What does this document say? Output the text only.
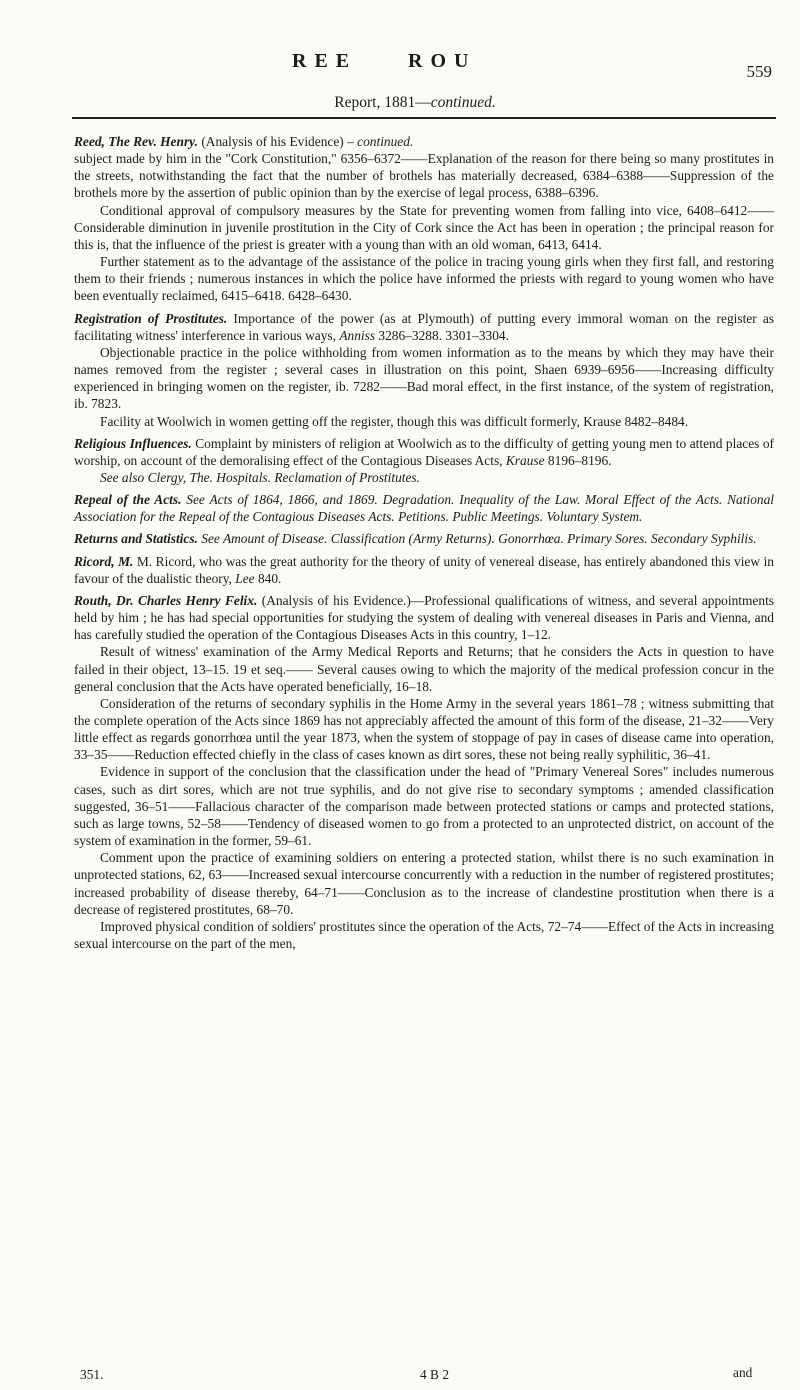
REE	ROU	559
Report, 1881—continued.

Reed, The Rev. Henry. (Analysis of his Evidence) – continued.

subject made by him in the "Cork Constitution," 6356–6372——Explanation of the reason for there being so many prostitutes in the streets, notwithstanding the fact that the number of brothels has materially decreased, 6384–6388——Suppression of the brothels more by the assertion of public opinion than by the exercise of legal process, 6388–6396.

Conditional approval of compulsory measures by the State for preventing women from falling into vice, 6408–6412——Considerable diminution in juvenile prostitution in the City of Cork since the Act has been in operation ; the principal reason for this is, that the influence of the priest is greater with a young than with an old woman, 6413, 6414.

Further statement as to the advantage of the assistance of the police in tracing young girls when they first fall, and restoring them to their friends ; numerous instances in which the police have informed the priests with regard to young women who have been eventually reclaimed, 6415–6418. 6428–6430.

Registration of Prostitutes. Importance of the power (as at Plymouth) of putting every immoral woman on the register as facilitating witness' interference in various ways, Anniss 3286–3288. 3301–3304.

Objectionable practice in the police withholding from women information as to the means by which they may have their names removed from the register ; several cases in illustration on this point, Shaen 6939–6956——Increasing difficulty experienced in bringing women on the register, ib. 7282——Bad moral effect, in the first instance, of the system of registration, ib. 7823.

Facility at Woolwich in women getting off the register, though this was difficult formerly, Krause 8482–8484.

Religious Influences. Complaint by ministers of religion at Woolwich as to the difficulty of getting young men to attend places of worship, on account of the demoralising effect of the Contagious Diseases Acts, Krause 8196–8196.

See also Clergy, The. Hospitals. Reclamation of Prostitutes.

Repeal of the Acts. See Acts of 1864, 1866, and 1869. Degradation. Inequality of the Law. Moral Effect of the Acts. National Association for the Repeal of the Contagious Diseases Acts. Petitions. Public Meetings. Voluntary System.

Returns and Statistics. See Amount of Disease. Classification (Army Returns). Gonorrhœa. Primary Sores. Secondary Syphilis.

Ricord, M. M. Ricord, who was the great authority for the theory of unity of venereal disease, has entirely abandoned this view in favour of the dualistic theory, Lee 840.

Routh, Dr. Charles Henry Felix. (Analysis of his Evidence.)—Professional qualifications of witness, and several appointments held by him ; he has had special opportunities for studying the system of dealing with venereal diseases in Paris and Vienna, and has carefully studied the operation of the Contagious Diseases Acts in this country, 1–12.

Result of witness' examination of the Army Medical Reports and Returns; that he considers the Acts in question to have failed in their object, 13–15. 19 et seq.—— Several causes owing to which the majority of the medical profession concur in the general conclusion that the Acts have operated beneficially, 16–18.

Consideration of the returns of secondary syphilis in the Home Army in the several years 1861–78 ; witness submitting that the complete operation of the Acts since 1869 has not appreciably affected the amount of this form of the disease, 21–32——Very little effect as regards gonorrhœa until the year 1873, when the system of stoppage of pay in cases of disease came into operation, 33–35——Reduction effected chiefly in the class of cases known as dirt sores, these not being really syphilitic, 36–41.

Evidence in support of the conclusion that the classification under the head of "Primary Venereal Sores" includes numerous cases, such as dirt sores, which are not true syphilis, and do not give rise to secondary symptoms ; amended classification suggested, 36–51——Fallacious character of the comparison made between protected stations or camps and protected stations, such as large towns, 52–58——Tendency of diseased women to go from a protected to an unprotected district, on account of the system of examination in the former, 59–61.

Comment upon the practice of examining soldiers on entering a protected station, whilst there is no such examination in unprotected stations, 62, 63——Increased sexual intercourse concurrently with a reduction in the number of registered prostitutes; increased probability of disease thereby, 64–71——Conclusion as to the increase of clandestine prostitution when there is a decrease of registered prostitutes, 68–70.

Improved physical condition of soldiers' prostitutes since the operation of the Acts, 72–74——Effect of the Acts in increasing sexual intercourse on the part of the men,

351.	4 B 2	and
